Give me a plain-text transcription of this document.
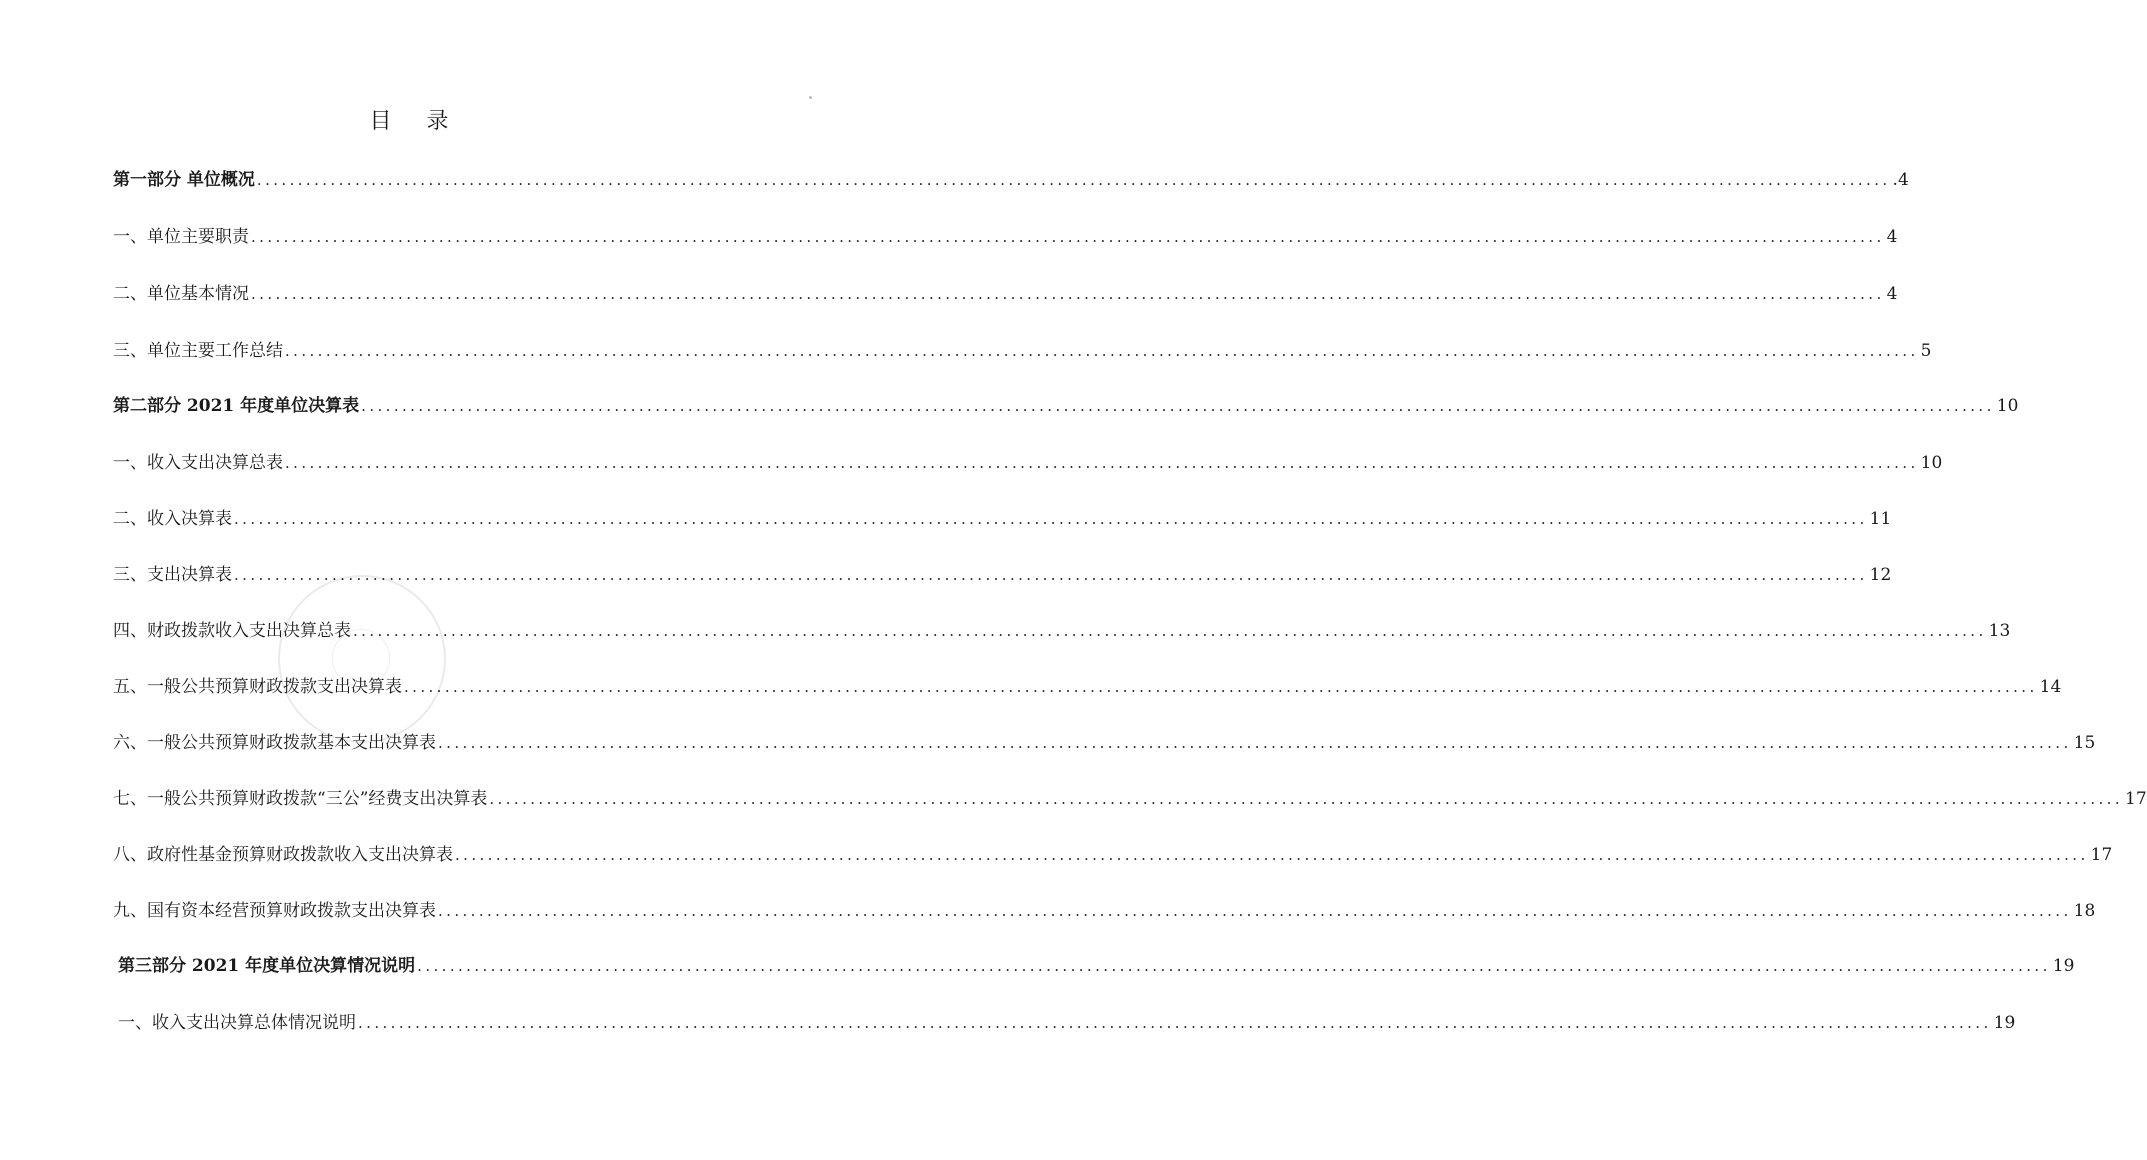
目 录
第一部分 单位概况 ........................................................................................................................................................................................................ .4
一、单位主要职责 ........................................................................................................................................................................................................ 4
二、单位基本情况 ........................................................................................................................................................................................................ 4
三、单位主要工作总结 ........................................................................................................................................................................................................ 5
第二部分 2021 年度单位决算表 ........................................................................................................................................................................................................ 10
一、收入支出决算总表 ........................................................................................................................................................................................................ 10
二、收入决算表 ........................................................................................................................................................................................................ 11
三、支出决算表 ........................................................................................................................................................................................................ 12
四、财政拨款收入支出决算总表 ........................................................................................................................................................................................................ 13
五、一般公共预算财政拨款支出决算表 ........................................................................................................................................................................................................ 14
六、一般公共预算财政拨款基本支出决算表 ........................................................................................................................................................................................................ 15
七、一般公共预算财政拨款“三公”经费支出决算表 ........................................................................................................................................................................................................ 17
八、政府性基金预算财政拨款收入支出决算表 ........................................................................................................................................................................................................ 17
九、国有资本经营预算财政拨款支出决算表 ........................................................................................................................................................................................................ 18
第三部分 2021 年度单位决算情况说明 ........................................................................................................................................................................................................ 19
一、收入支出决算总体情况说明 ........................................................................................................................................................................................................ 19
